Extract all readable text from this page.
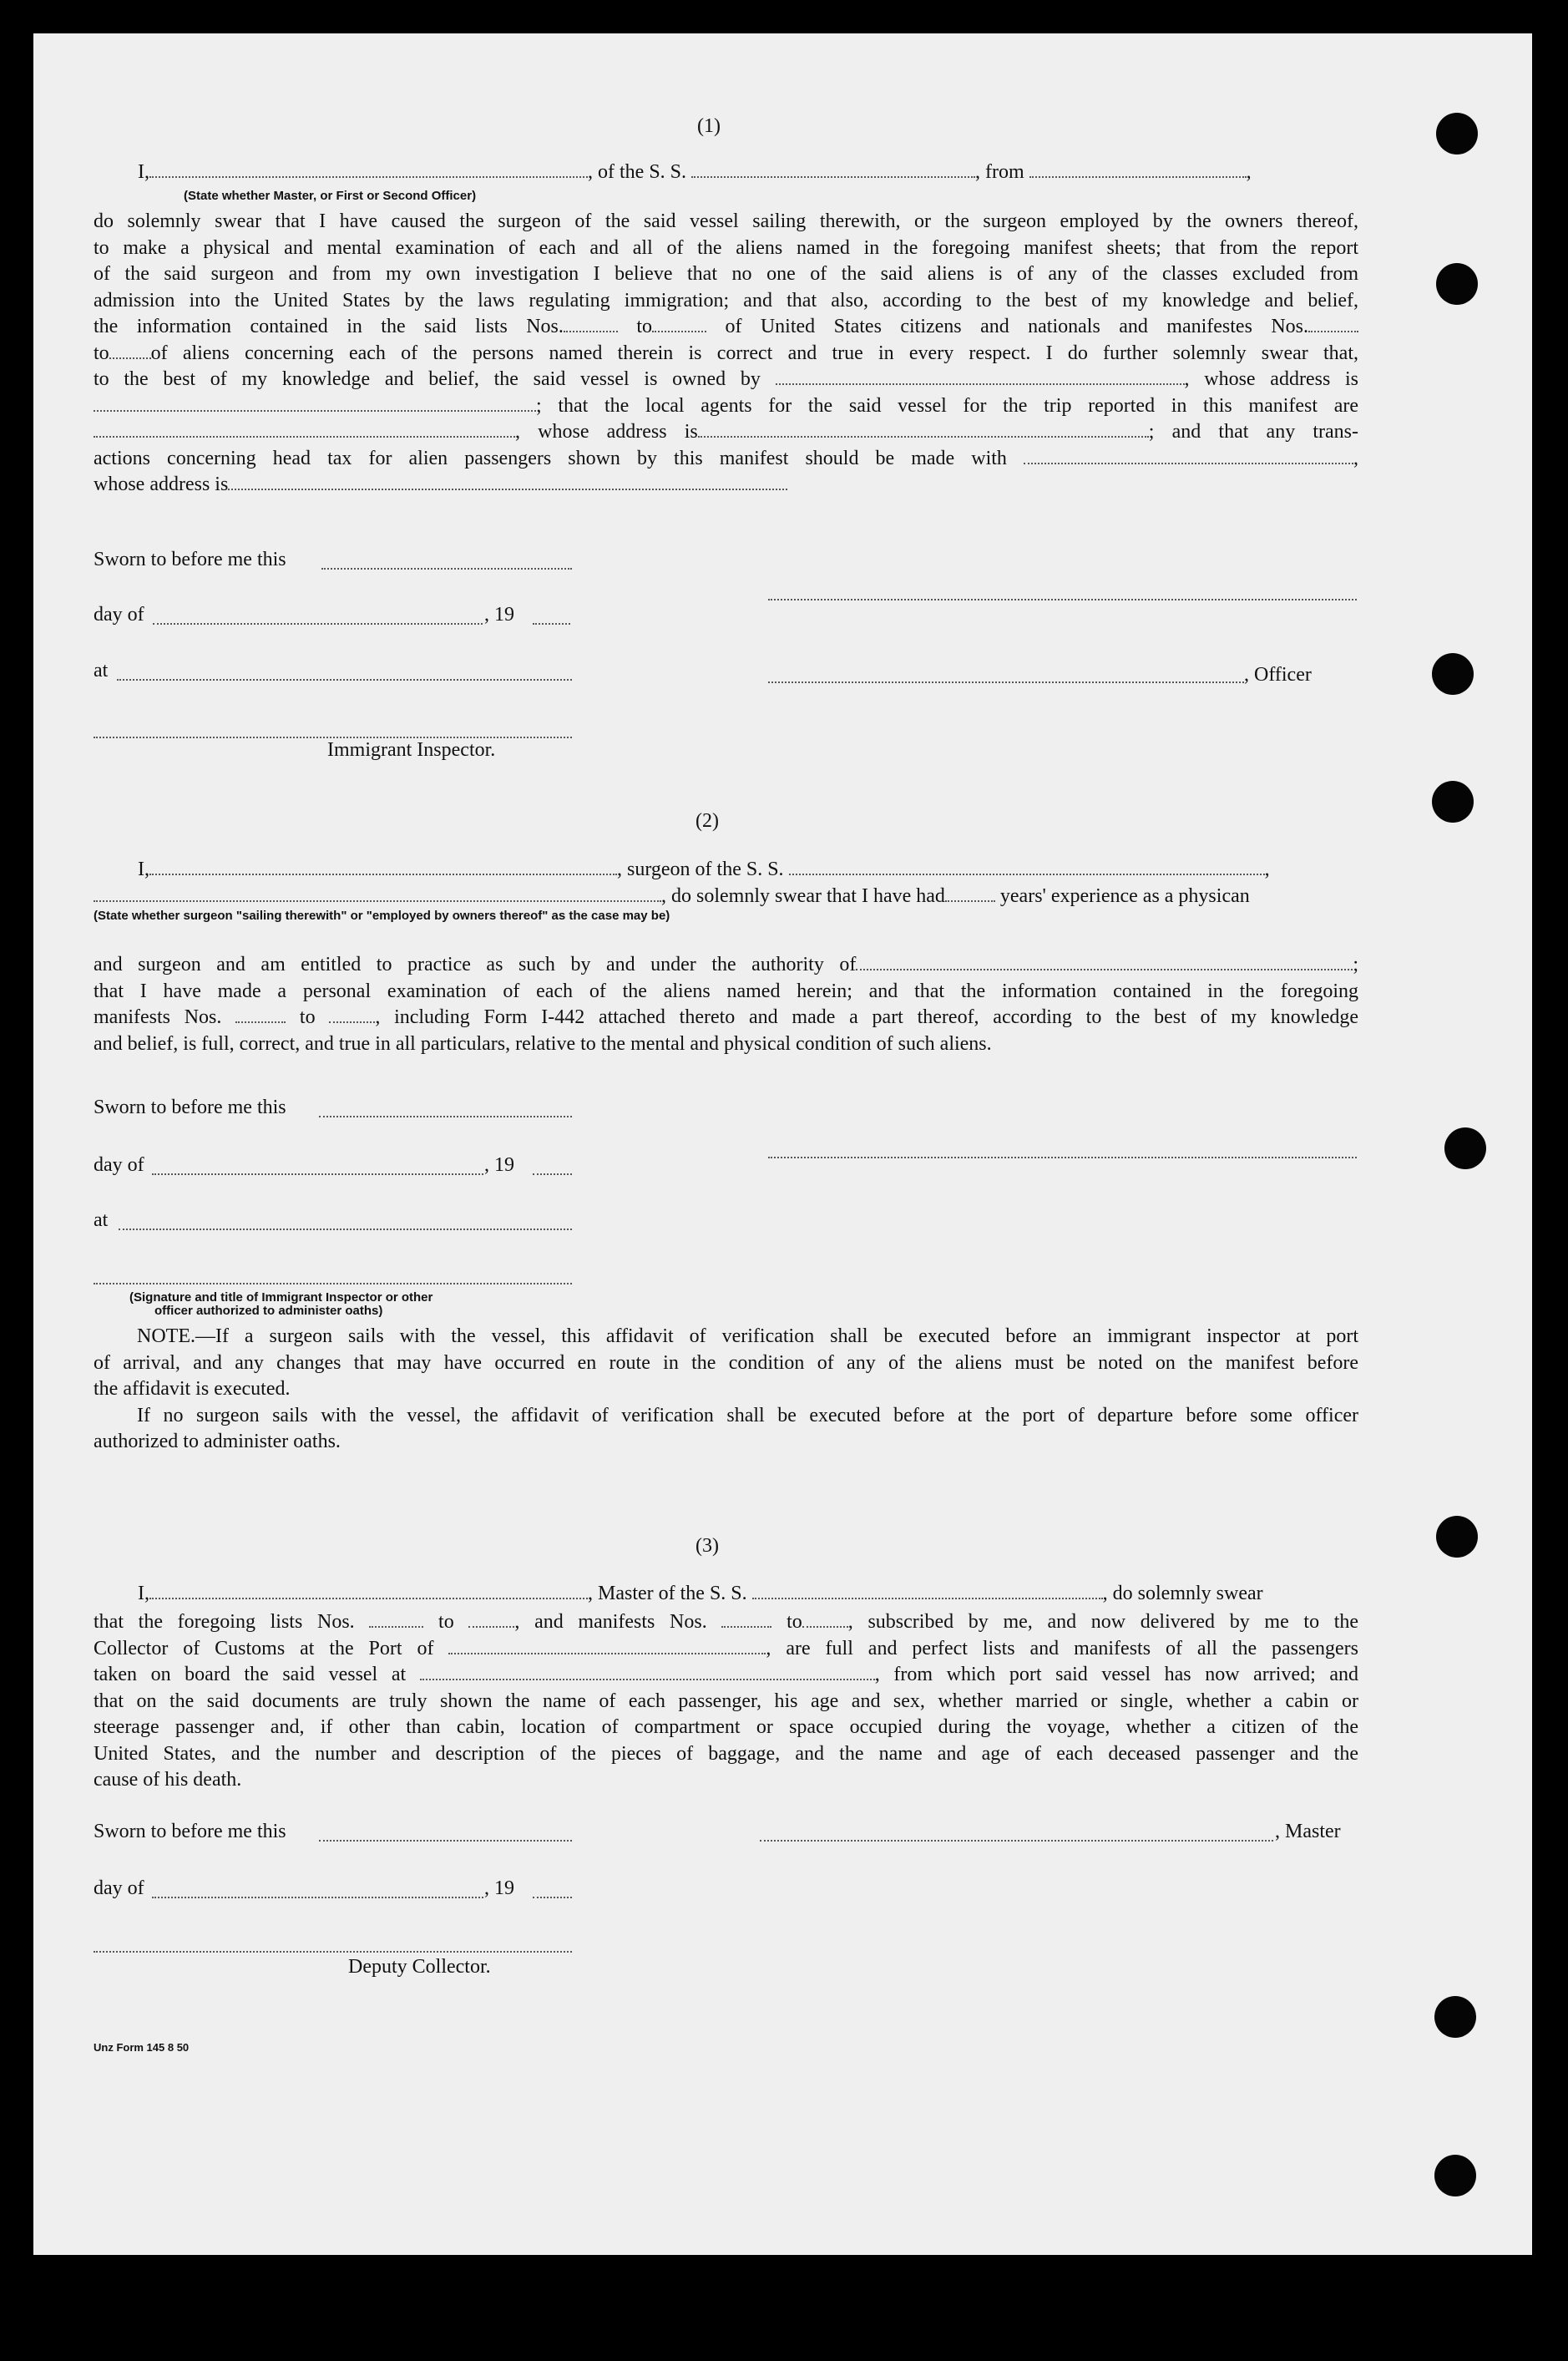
(1)

I,	, of the S. S.	, from	,

(State whether Master, or First or Second Officer)

do solemnly swear that I have caused the surgeon of the said vessel sailing therewith, or the surgeon employed by the owners thereof,
to make a physical and mental examination of each and all of the aliens named in the foregoing manifest sheets; that from the report
of the said surgeon and from my own investigation I believe that no one of the said aliens is of any of the classes excluded from
admission into the United States by the laws regulating immigration; and that also, according to the best of my knowledge and belief,
the information contained in the said lists Nos.	to	of United States citizens and nationals and manifestes Nos.
to of aliens concerning each of the persons named therein is correct and true in every respect. I do further solemnly swear that,
to the best of my knowledge and belief, the said vessel is owned by	, whose address is
; that the local agents for the said vessel for the trip reported in this manifest are
, whose address is	; and that any trans-
actions concerning head tax for alien passengers shown by this manifest should be made with	,
whose address is

Sworn to before me this

day of	, 19

at	, Officer

Immigrant Inspector.

(2)

I,	, surgeon of the S. S.	,
, do solemnly swear that I have had	years' experience as a physican

(State whether surgeon "sailing therewith" or "employed by owners thereof" as the case may be)

and surgeon and am entitled to practice as such by and under the authority of	;
that I have made a personal examination of each of the aliens named herein; and that the information contained in the foregoing
manifests Nos.	to	, including Form I-442 attached thereto and made a part thereof, according to the best of my knowledge
and belief, is full, correct, and true in all particulars, relative to the mental and physical condition of such aliens.

Sworn to before me this

day of	, 19

at

(Signature and title of Immigrant Inspector or other

officer authorized to administer oaths)

NOTE.—If a surgeon sails with the vessel, this affidavit of verification shall be executed before an immigrant inspector at port
of arrival, and any changes that may have occurred en route in the condition of any of the aliens must be noted on the manifest before
the affidavit is executed.
If no surgeon sails with the vessel, the affidavit of verification shall be executed before at the port of departure before some officer
authorized to administer oaths.

(3)

I,	, Master of the S. S.	, do solemnly swear
that the foregoing lists Nos.	to	, and manifests Nos.	to , subscribed by me, and now delivered by me to the
Collector of Customs at the Port of	, are full and perfect lists and manifests of all the passengers
taken on board the said vessel at	, from which port said vessel has now arrived; and
that on the said documents are truly shown the name of each passenger, his age and sex, whether married or single, whether a cabin or
steerage passenger and, if other than cabin, location of compartment or space occupied during the voyage, whether a citizen of the
United States, and the number and description of the pieces of baggage, and the name and age of each deceased passenger and the
cause of his death.

Sworn to before me this	, Master

day of	, 19

Deputy Collector.

Unz Form 145 8 50
